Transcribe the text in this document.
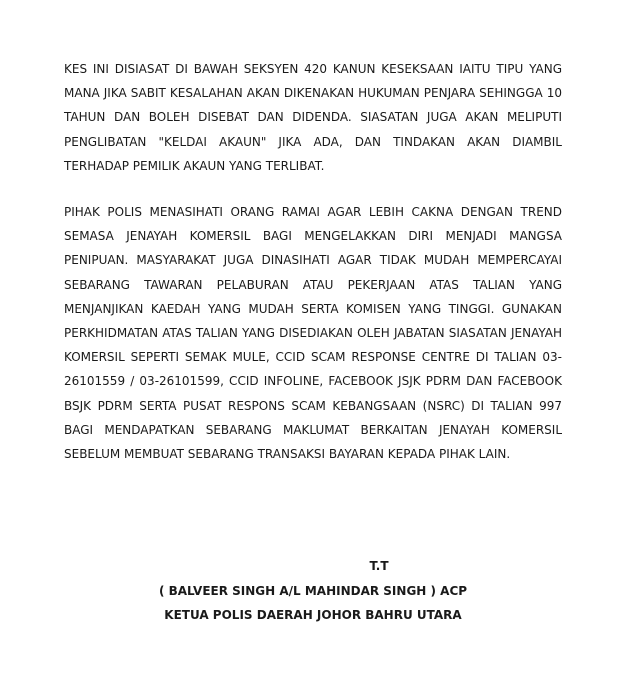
KES INI DISIASAT DI BAWAH SEKSYEN 420 KANUN KESEKSAAN IAITU TIPU YANG MANA JIKA SABIT KESALAHAN AKAN DIKENAKAN HUKUMAN PENJARA SEHINGGA 10 TAHUN DAN BOLEH DISEBAT DAN DIDENDA. SIASATAN JUGA AKAN MELIPUTI PENGLIBATAN "KELDAI AKAUN" JIKA ADA, DAN TINDAKAN AKAN DIAMBIL TERHADAP PEMILIK AKAUN YANG TERLIBAT.

PIHAK POLIS MENASIHATI ORANG RAMAI AGAR LEBIH CAKNA DENGAN TREND SEMASA JENAYAH KOMERSIL BAGI MENGELAKKAN DIRI MENJADI MANGSA PENIPUAN. MASYARAKAT JUGA DINASIHATI AGAR TIDAK MUDAH MEMPERCAYAI SEBARANG TAWARAN PELABURAN ATAU PEKERJAAN ATAS TALIAN YANG MENJANJIKAN KAEDAH YANG MUDAH SERTA KOMISEN YANG TINGGI. GUNAKAN PERKHIDMATAN ATAS TALIAN YANG DISEDIAKAN OLEH JABATAN SIASATAN JENAYAH KOMERSIL SEPERTI SEMAK MULE, CCID SCAM RESPONSE CENTRE DI TALIAN 03-26101559 / 03-26101599, CCID INFOLINE, FACEBOOK JSJK PDRM DAN FACEBOOK BSJK PDRM SERTA PUSAT RESPONS SCAM KEBANGSAAN (NSRC) DI TALIAN 997 BAGI MENDAPATKAN SEBARANG MAKLUMAT BERKAITAN JENAYAH KOMERSIL SEBELUM MEMBUAT SEBARANG TRANSAKSI BAYARAN KEPADA PIHAK LAIN.

T.T
( BALVEER SINGH A/L MAHINDAR SINGH ) ACP
KETUA POLIS DAERAH JOHOR BAHRU UTARA
